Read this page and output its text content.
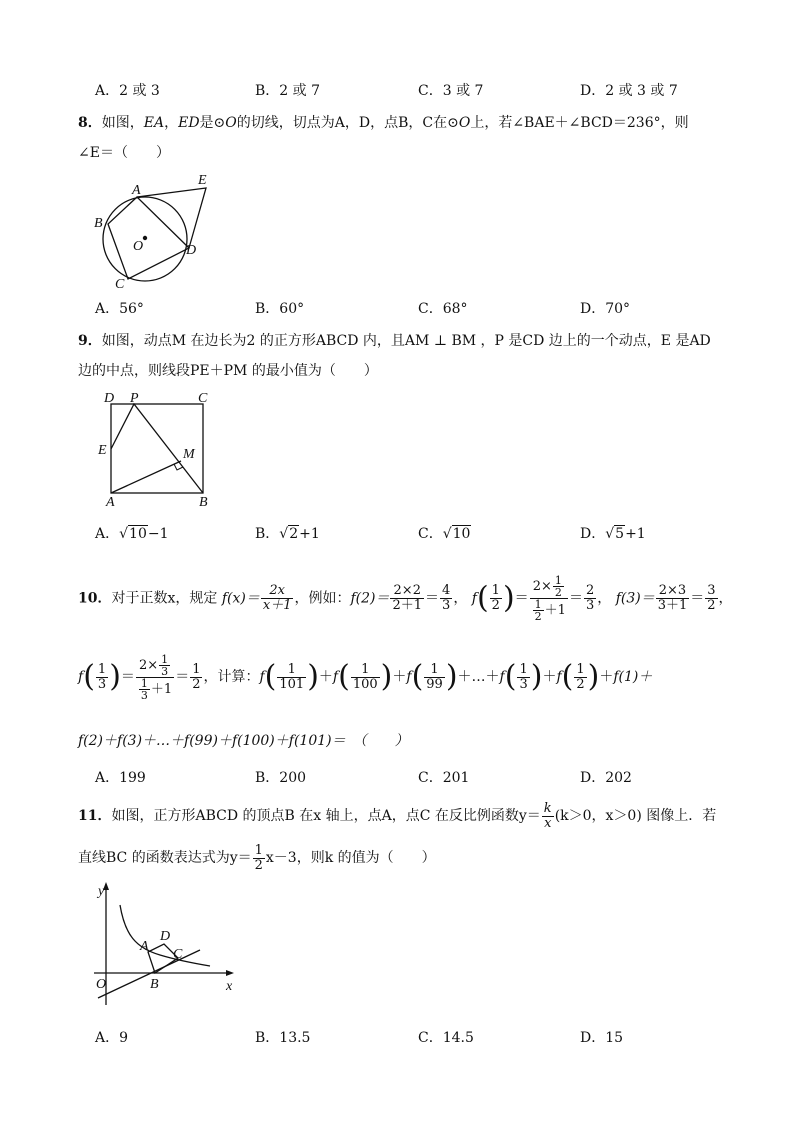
A．2 或 3	B．2 或 7	C．3 或 7	D．2 或 3 或 7
8．如图，EA，ED是⊙O的切线，切点为A，D，点B，C在⊙O上，若∠BAE＋∠BCD＝236°，则
∠E＝（　　）
A
E
B
O	D
C
A．56°	B．60°	C．68°	D．70°
9．如图，动点M 在边长为2 的正方形ABCD 内，且AM ⊥ BM ，P 是CD 边上的一个动点，E 是AD
边的中点，则线段PE＋PM 的最小值为（　　）
D P	C
E	M
A	B
A．√10−1	B．√2+1	C．√10	D．√5+1
10．对于正数x，规定 $f(x)= \frac{2x}{x+1}$ ，例如：$f(2)= \frac{2\times 2}{2+1} = \frac{4}{3}$ ， $f( \frac{1}{2}$ )＝ $\frac{2\times \frac{1}{2}}{\frac{1}{2} +1} = \frac{2}{3}$ ， $f(3)= \frac{2\times 3}{3+1} = \frac{3}{2}$ ，
$f( \frac{1}{3}$ )＝ $\frac{2\times \frac{1}{3}}{\frac{1}{3} +1} = \frac{1}{2}$ ，计算：$f( \frac{1}{101} )+f( \frac{1}{100} )+f( \frac{1}{99}$ )＋…＋f( $\frac{1}{3} )+f( \frac{1}{2} )+f(1)+$
f(2)＋f(3)＋…＋f(99)＋f(100)＋f(101)＝　（　　）
A．199	B．200	C．201	D．202
11．如图，正方形ABCD 的顶点B 在x 轴上，点A，点C 在反比例函数$y= \frac{k}{x} (k>0$，x＞0) 图像上．若
直线BC 的函数表达式为$y= \frac{1}{2} x-3$，则k 的值为（　　）
y
x
O
A
D
C
B
A．9	B．13.5	C．14.5	D．15
